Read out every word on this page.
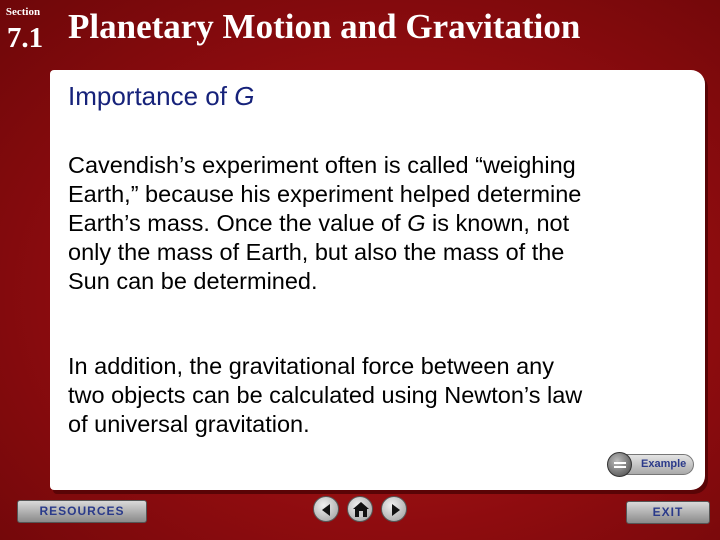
Section
7.1 Planetary Motion and Gravitation
Importance of G
Cavendish’s experiment often is called “weighing
Earth,” because his experiment helped determine
Earth’s mass. Once the value of G is known, not
only the mass of Earth, but also the mass of the
Sun can be determined.
In addition, the gravitational force between any
two objects can be calculated using Newton’s law
of universal gravitation.
Example
RESOURCES	EXIT
